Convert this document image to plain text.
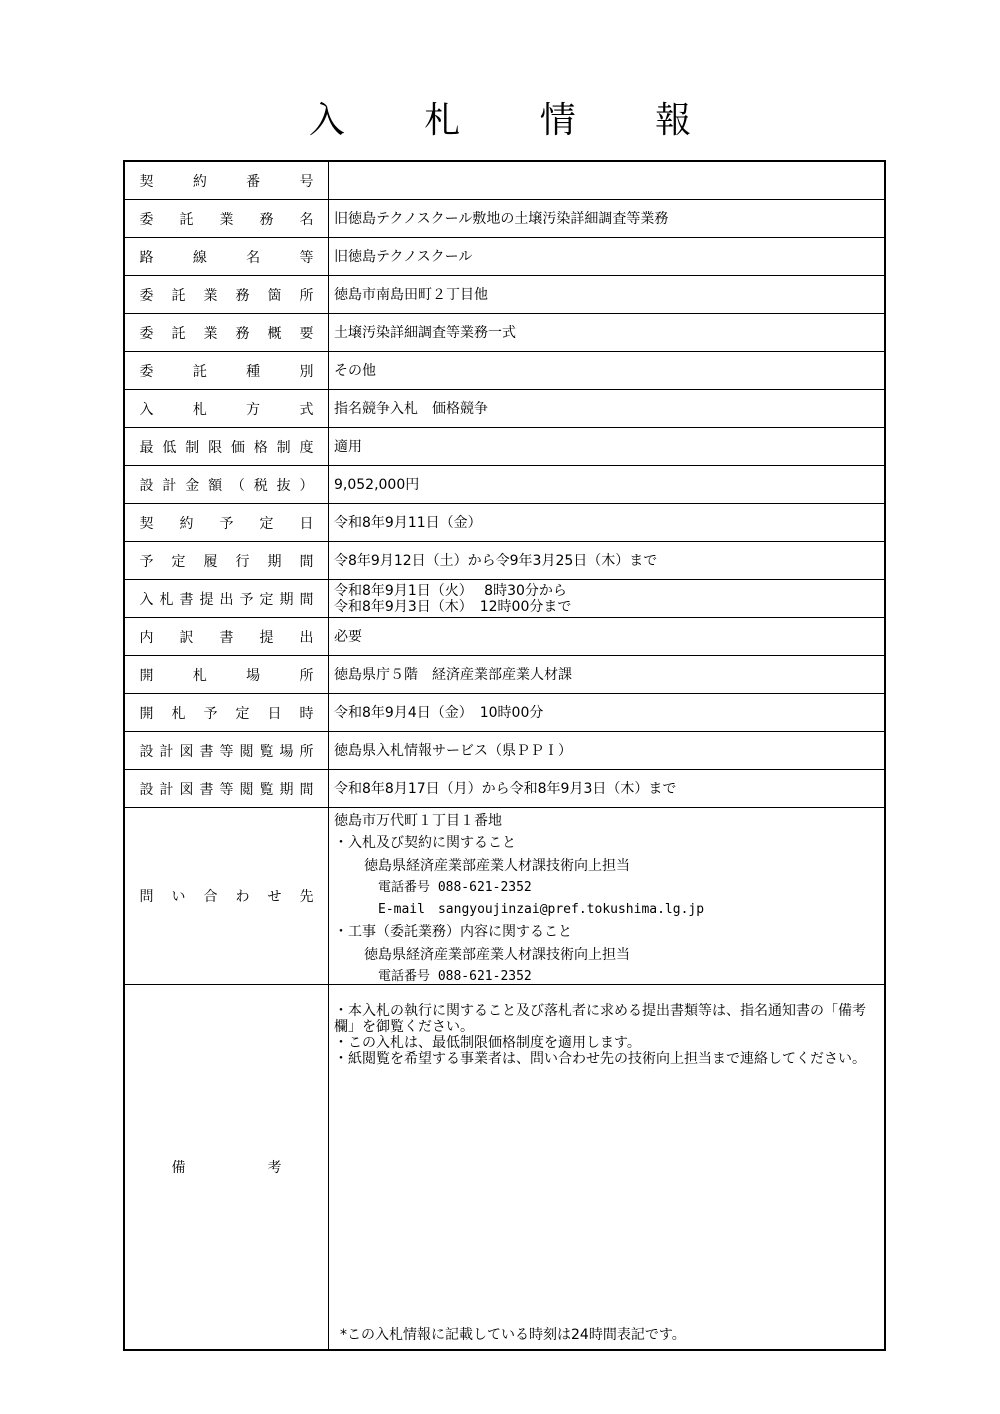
入 札 情 報
契約番号
委託業務名 旧徳島テクノスクール敷地の土壌汚染詳細調査等業務
路線名等 旧徳島テクノスクール
委託業務箇所 徳島市南島田町２丁目他
委託業務概要 土壌汚染詳細調査等業務一式
委託種別 その他
入札方式 指名競争入札　価格競争
最低制限価格制度 適用
設計金額（税抜） 9,052,000円
契約予定日 令和8年9月11日（金）
予定履行期間 令8年9月12日（土）から令9年3月25日（木）まで
入札書提出予定期間
令和8年9月1日（火）　 8時30分から
令和8年9月3日（木）　12時00分まで
内訳書提出 必要
開札場所 徳島県庁５階　経済産業部産業人材課
開札予定日時 令和8年9月4日（金）　10時00分
設計図書等閲覧場所 徳島県入札情報サービス（県ＰＰＩ）
設計図書等閲覧期間 令和8年8月17日（月）から令和8年9月3日（木）まで
問い合わせ先
徳島市万代町１丁目１番地
・入札及び契約に関すること
徳島県経済産業部産業人材課技術向上担当
電話番号 088-621-2352
E-mail　sangyoujinzai@pref.tokushima.lg.jp
・工事（委託業務）内容に関すること
徳島県経済産業部産業人材課技術向上担当
電話番号 088-621-2352
備考
・本入札の執行に関すること及び落札者に求める提出書類等は、指名通知書の「備考欄」を御覧ください。
・この入札は、最低制限価格制度を適用します。
・紙閲覧を希望する事業者は、問い合わせ先の技術向上担当まで連絡してください。
*この入札情報に記載している時刻は24時間表記です。
